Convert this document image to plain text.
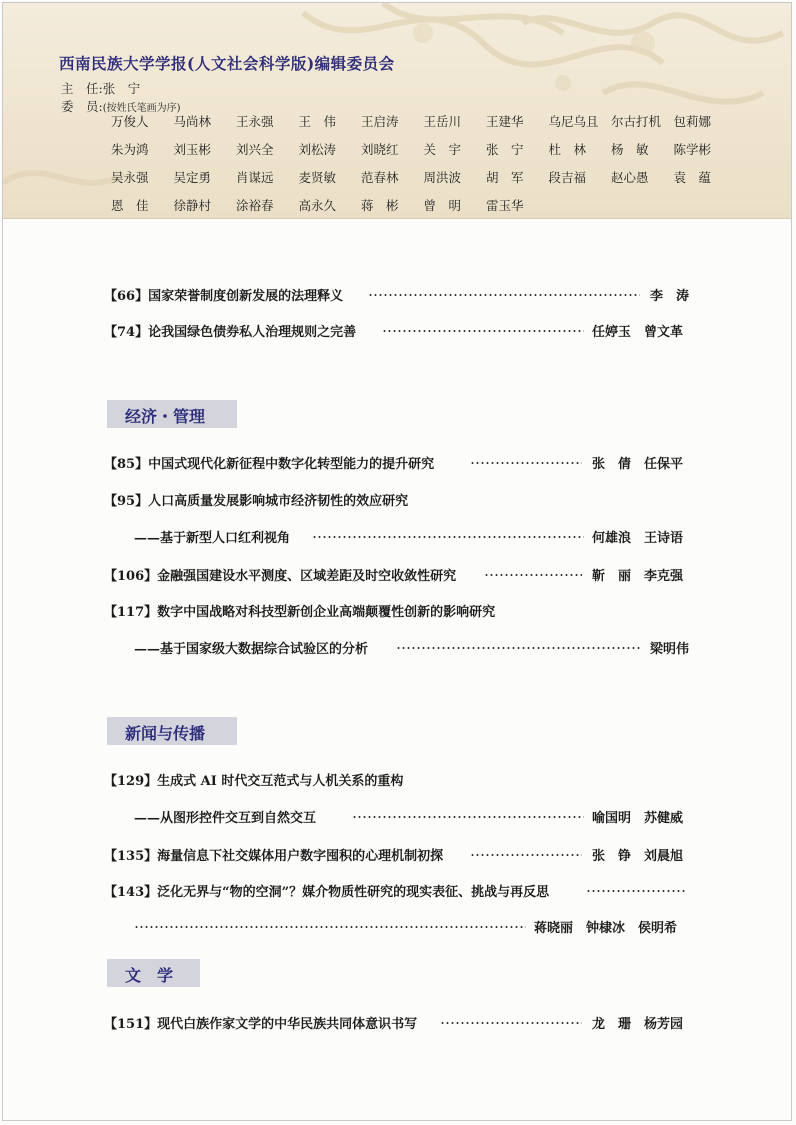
西南民族大学学报(人文社会科学版)编辑委员会
主　任:张　宁
委　员:(按姓氏笔画为序)
万俊人	马尚林	王永强	王　伟	王启涛	王岳川	王建华	乌尼乌且 尔古打机 包莉娜
朱为鸿	刘玉彬	刘兴全	刘松涛	刘晓红	关　宇	张　宁	杜　林	杨　敏	陈学彬
吴永强	吴定勇	肖谋远	麦贤敏	范春林	周洪波	胡　军	段吉福	赵心愚	袁　蕴
恩　佳	徐静村	涂裕春	高永久	蒋　彬	曾　明	雷玉华
【66】国家荣誉制度创新发展的法理释义	李　涛
【74】论我国绿色债券私人治理规则之完善	任婷玉　曾文革
经济・管理
【85】中国式现代化新征程中数字化转型能力的提升研究	张　倩　任保平
【95】人口高质量发展影响城市经济韧性的效应研究
——基于新型人口红利视角	何雄浪　王诗语
【106】金融强国建设水平测度、区域差距及时空收敛性研究	靳　丽　李克强
【117】数字中国战略对科技型新创企业高端颠覆性创新的影响研究
——基于国家级大数据综合试验区的分析	梁明伟
新闻与传播
【129】生成式 AI 时代交互范式与人机关系的重构
——从图形控件交互到自然交互	喻国明　苏健威
【135】海量信息下社交媒体用户数字囤积的心理机制初探	张　铮　刘晨旭
【143】泛化无界与“物的空洞”？媒介物质性研究的现实表征、挑战与再反思
蒋晓丽　钟棣冰　侯明希
文　学
【151】现代白族作家文学的中华民族共同体意识书写	龙　珊　杨芳园
